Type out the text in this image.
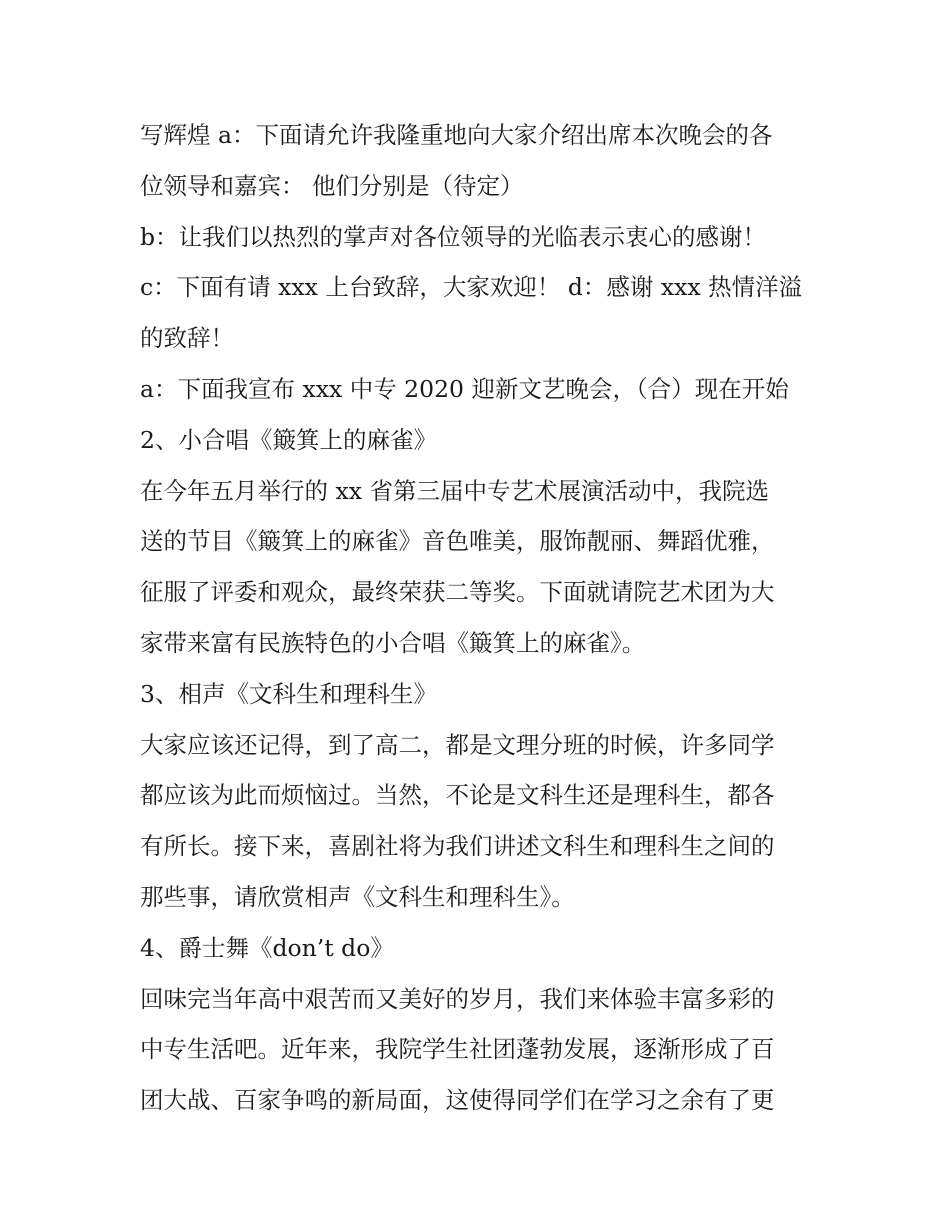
写辉煌 a：下面请允许我隆重地向大家介绍出席本次晚会的各
位领导和嘉宾： 他们分别是（待定）
b：让我们以热烈的掌声对各位领导的光临表示衷心的感谢！
c：下面有请 xxx 上台致辞，大家欢迎！ d：感谢 xxx 热情洋溢
的致辞！
a：下面我宣布 xxx 中专 2020 迎新文艺晚会，（合）现在开始
2、小合唱《簸箕上的麻雀》
在今年五月举行的 xx 省第三届中专艺术展演活动中，我院选
送的节目《簸箕上的麻雀》音色唯美，服饰靓丽、舞蹈优雅，
征服了评委和观众，最终荣获二等奖。下面就请院艺术团为大
家带来富有民族特色的小合唱《簸箕上的麻雀》。
3、相声《文科生和理科生》
大家应该还记得，到了高二，都是文理分班的时候，许多同学
都应该为此而烦恼过。当然，不论是文科生还是理科生，都各
有所长。接下来，喜剧社将为我们讲述文科生和理科生之间的
那些事，请欣赏相声《文科生和理科生》。
4、爵士舞《don’t do》
回味完当年高中艰苦而又美好的岁月，我们来体验丰富多彩的
中专生活吧。近年来，我院学生社团蓬勃发展，逐渐形成了百
团大战、百家争鸣的新局面，这使得同学们在学习之余有了更
